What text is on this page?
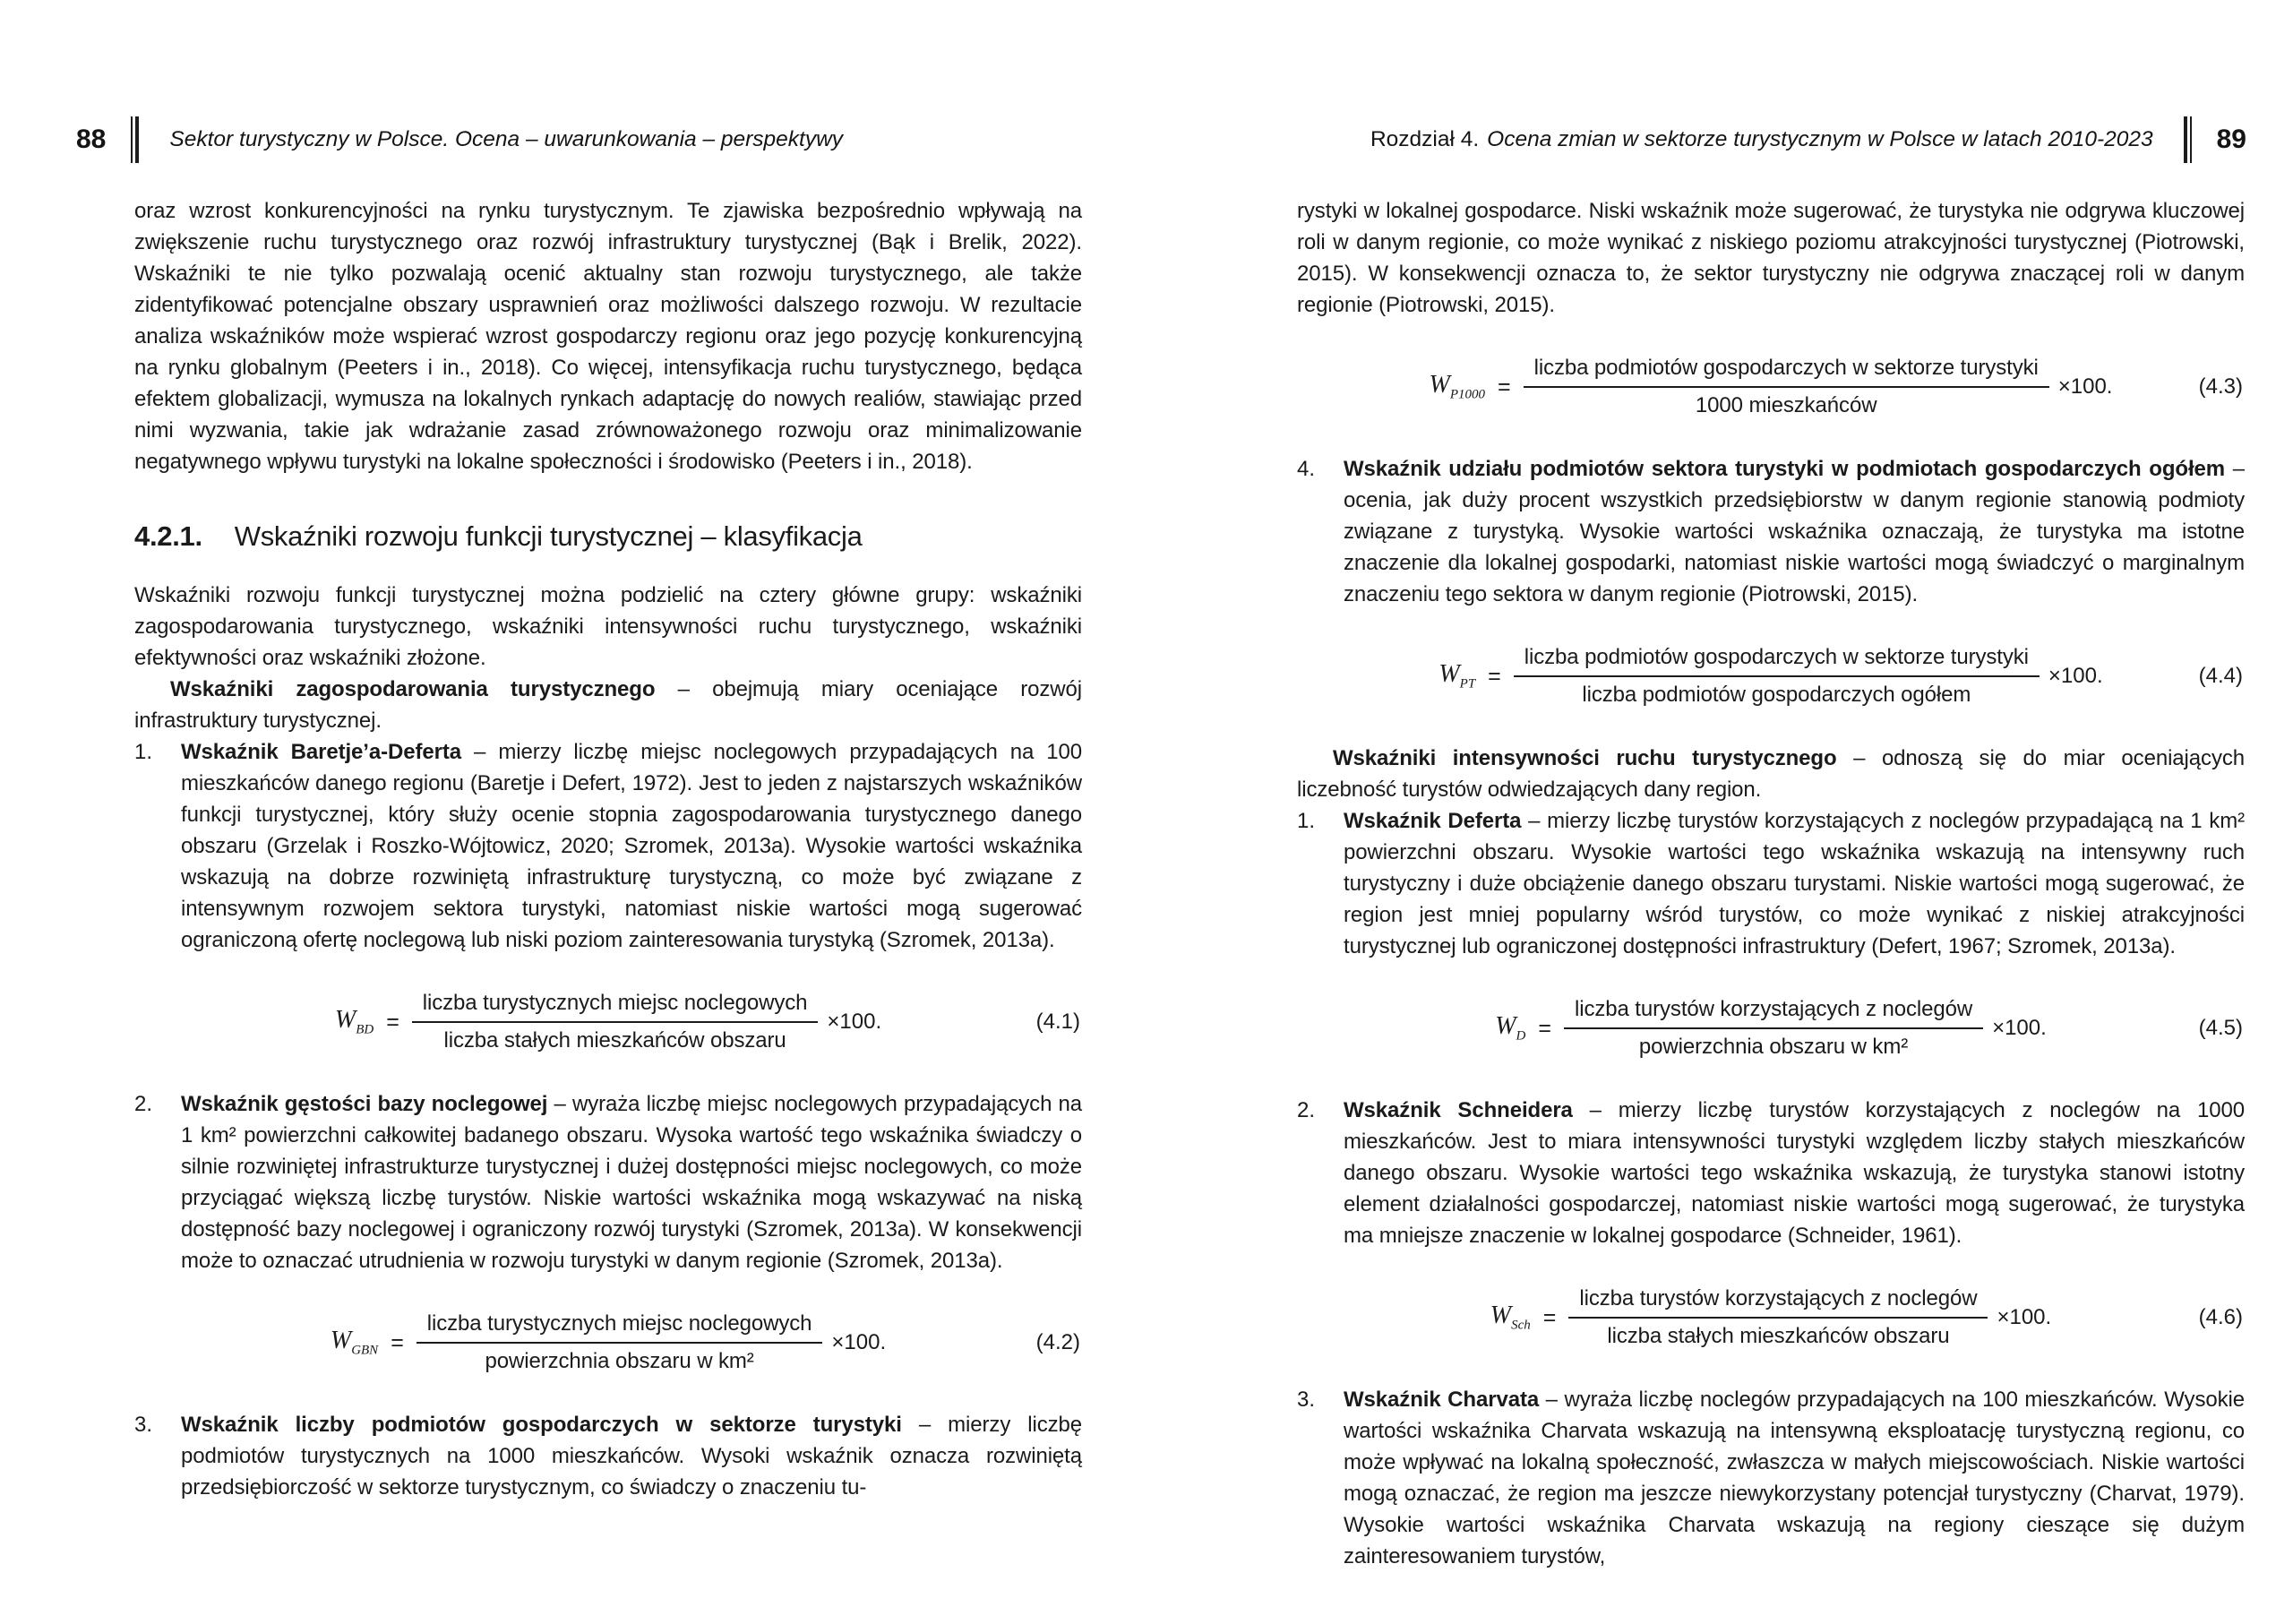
88	Sektor turystyczny w Polsce. Ocena – uwarunkowania – perspektywy	Rozdział 4. Ocena zmian w sektorze turystycznym w Polsce w latach 2010-2023 89

oraz wzrost konkurencyjności na rynku turystycznym. Te zjawiska bezpośrednio wpływają na zwiększenie ruchu turystycznego oraz rozwój infrastruktury turystycznej (Bąk i Brelik, 2022). Wskaźniki te nie tylko pozwalają ocenić aktualny stan rozwoju turystycznego, ale także zidentyfikować potencjalne obszary usprawnień oraz możliwości dalszego rozwoju. W rezultacie analiza wskaźników może wspierać wzrost gospodarczy regionu oraz jego pozycję konkurencyjną na rynku globalnym (Peeters i in., 2018). Co więcej, intensyfikacja ruchu turystycznego, będąca efektem globalizacji, wymusza na lokalnych rynkach adaptację do nowych realiów, stawiając przed nimi wyzwania, takie jak wdrażanie zasad zrównoważonego rozwoju oraz minimalizowanie negatywnego wpływu turystyki na lokalne społeczności i środowisko (Peeters i in., 2018).

4.2.1. Wskaźniki rozwoju funkcji turystycznej – klasyfikacja

Wskaźniki rozwoju funkcji turystycznej można podzielić na cztery główne grupy: wskaźniki zagospodarowania turystycznego, wskaźniki intensywności ruchu turystycznego, wskaźniki efektywności oraz wskaźniki złożone.

Wskaźniki zagospodarowania turystycznego – obejmują miary oceniające rozwój infrastruktury turystycznej.

1.	Wskaźnik Baretje’a-Deferta – mierzy liczbę miejsc noclegowych przypadających na 100 mieszkańców danego regionu (Baretje i Defert, 1972). Jest to jeden z najstarszych wskaźników funkcji turystycznej, który służy ocenie stopnia zagospodarowania turystycznego danego obszaru (Grzelak i Roszko-Wójtowicz, 2020; Szromek, 2013a). Wysokie wartości wskaźnika wskazują na dobrze rozwiniętą infrastrukturę turystyczną, co może być związane z intensywnym rozwojem sektora turystyki, natomiast niskie wartości mogą sugerować ograniczoną ofertę noclegową lub niski poziom zainteresowania turystyką (Szromek, 2013a).

$W_{BD} = \frac{\text{liczba turystycznych miejsc noclegowych}}{\text{liczba stałych mieszkańców obszaru}} \times 100$.	(4.1)
2.	Wskaźnik gęstości bazy noclegowej – wyraża liczbę miejsc noclegowych przypadających na 1 km² powierzchni całkowitej badanego obszaru. Wysoka wartość tego wskaźnika świadczy o silnie rozwiniętej infrastrukturze turystycznej i dużej dostępności miejsc noclegowych, co może przyciągać większą liczbę turystów. Niskie wartości wskaźnika mogą wskazywać na niską dostępność bazy noclegowej i ograniczony rozwój turystyki (Szromek, 2013a). W konsekwencji może to oznaczać utrudnienia w rozwoju turystyki w danym regionie (Szromek, 2013a).

$W_{GBN} = \frac{\text{liczba turystycznych miejsc noclegowych}}{\text{powierzchnia obszaru w km²}} \times 100$.	(4.2)
3.	Wskaźnik liczby podmiotów gospodarczych w sektorze turystyki – mierzy liczbę podmiotów turystycznych na 1000 mieszkańców. Wysoki wskaźnik oznacza rozwiniętą przedsiębiorczość w sektorze turystycznym, co świadczy o znaczeniu tu-

rystyki w lokalnej gospodarce. Niski wskaźnik może sugerować, że turystyka nie odgrywa kluczowej roli w danym regionie, co może wynikać z niskiego poziomu atrakcyjności turystycznej (Piotrowski, 2015). W konsekwencji oznacza to, że sektor turystyczny nie odgrywa znaczącej roli w danym regionie (Piotrowski, 2015).

$W_{P1000} = \frac{\text{liczba podmiotów gospodarczych w sektorze turystyki}}{\text{1000 mieszkańców}} \times 100$.	(4.3)
4.	Wskaźnik udziału podmiotów sektora turystyki w podmiotach gospodarczych ogółem – ocenia, jak duży procent wszystkich przedsiębiorstw w danym regionie stanowią podmioty związane z turystyką. Wysokie wartości wskaźnika oznaczają, że turystyka ma istotne znaczenie dla lokalnej gospodarki, natomiast niskie wartości mogą świadczyć o marginalnym znaczeniu tego sektora w danym regionie (Piotrowski, 2015).

$W_{PT} = \frac{\text{liczba podmiotów gospodarczych w sektorze turystyki}}{\text{liczba podmiotów gospodarczych ogółem}} \times 100$.	(4.4)

Wskaźniki intensywności ruchu turystycznego – odnoszą się do miar oceniających liczebność turystów odwiedzających dany region.

1.	Wskaźnik Deferta – mierzy liczbę turystów korzystających z noclegów przypadającą na 1 km² powierzchni obszaru. Wysokie wartości tego wskaźnika wskazują na intensywny ruch turystyczny i duże obciążenie danego obszaru turystami. Niskie wartości mogą sugerować, że region jest mniej popularny wśród turystów, co może wynikać z niskiej atrakcyjności turystycznej lub ograniczonej dostępności infrastruktury (Defert, 1967; Szromek, 2013a).

$W_D = \frac{\text{liczba turystów korzystających z noclegów}}{\text{powierzchnia obszaru w km²}} \times 100$.	(4.5)
2.	Wskaźnik Schneidera – mierzy liczbę turystów korzystających z noclegów na 1000 mieszkańców. Jest to miara intensywności turystyki względem liczby stałych mieszkańców danego obszaru. Wysokie wartości tego wskaźnika wskazują, że turystyka stanowi istotny element działalności gospodarczej, natomiast niskie wartości mogą sugerować, że turystyka ma mniejsze znaczenie w lokalnej gospodarce (Schneider, 1961).

$W_{Sch} = \frac{\text{liczba turystów korzystających z noclegów}}{\text{liczba stałych mieszkańców obszaru}} \times 100$.	(4.6)
3.	Wskaźnik Charvata – wyraża liczbę noclegów przypadających na 100 mieszkańców. Wysokie wartości wskaźnika Charvata wskazują na intensywną eksploatację turystyczną regionu, co może wpływać na lokalną społeczność, zwłaszcza w małych miejscowościach. Niskie wartości mogą oznaczać, że region ma jeszcze niewykorzystany potencjał turystyczny (Charvat, 1979). Wysokie wartości wskaźnika Charvata wskazują na regiony cieszące się dużym zainteresowaniem turystów,
